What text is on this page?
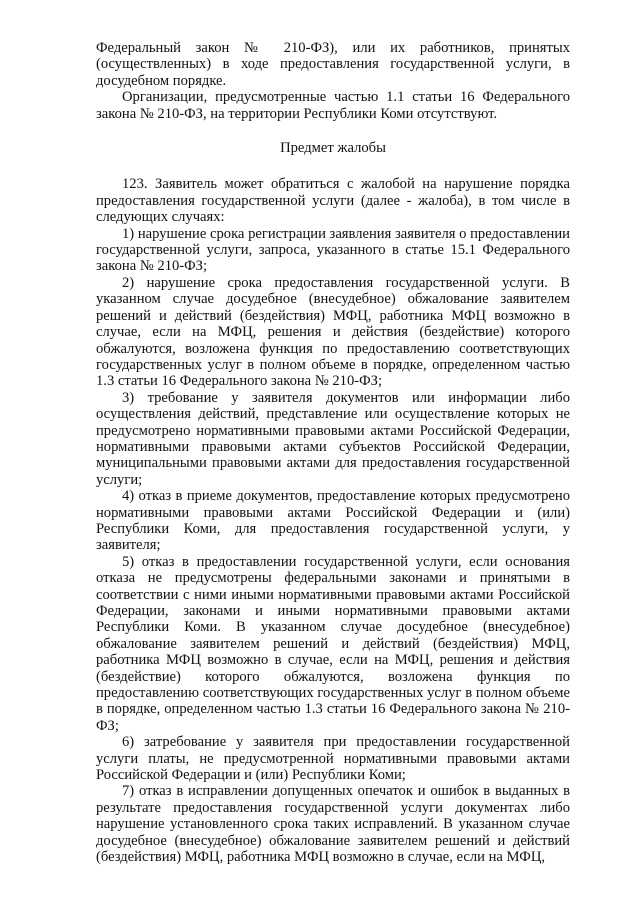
Федеральный закон № 210-ФЗ), или их работников, принятых (осуществленных) в ходе предоставления государственной услуги, в досудебном порядке.

Организации, предусмотренные частью 1.1 статьи 16 Федерального закона № 210-ФЗ, на территории Республики Коми отсутствуют.

Предмет жалобы

123. Заявитель может обратиться с жалобой на нарушение порядка предоставления государственной услуги (далее - жалоба), в том числе в следующих случаях:

1) нарушение срока регистрации заявления заявителя о предоставлении государственной услуги, запроса, указанного в статье 15.1 Федерального закона № 210-ФЗ;

2) нарушение срока предоставления государственной услуги. В указанном случае досудебное (внесудебное) обжалование заявителем решений и действий (бездействия) МФЦ, работника МФЦ возможно в случае, если на МФЦ, решения и действия (бездействие) которого обжалуются, возложена функция по предоставлению соответствующих государственных услуг в полном объеме в порядке, определенном частью 1.3 статьи 16 Федерального закона № 210-ФЗ;

3) требование у заявителя документов или информации либо осуществления действий, представление или осуществление которых не предусмотрено нормативными правовыми актами Российской Федерации, нормативными правовыми актами субъектов Российской Федерации, муниципальными правовыми актами для предоставления государственной услуги;

4) отказ в приеме документов, предоставление которых предусмотрено нормативными правовыми актами Российской Федерации и (или) Республики Коми, для предоставления государственной услуги, у заявителя;

5) отказ в предоставлении государственной услуги, если основания отказа не предусмотрены федеральными законами и принятыми в соответствии с ними иными нормативными правовыми актами Российской Федерации, законами и иными нормативными правовыми актами Республики Коми. В указанном случае досудебное (внесудебное) обжалование заявителем решений и действий (бездействия) МФЦ, работника МФЦ возможно в случае, если на МФЦ, решения и действия (бездействие) которого обжалуются, возложена функция по предоставлению соответствующих государственных услуг в полном объеме в порядке, определенном частью 1.3 статьи 16 Федерального закона № 210-ФЗ;

6) затребование у заявителя при предоставлении государственной услуги платы, не предусмотренной нормативными правовыми актами Российской Федерации и (или) Республики Коми;

7) отказ в исправлении допущенных опечаток и ошибок в выданных в результате предоставления государственной услуги документах либо нарушение установленного срока таких исправлений. В указанном случае досудебное (внесудебное) обжалование заявителем решений и действий (бездействия) МФЦ, работника МФЦ возможно в случае, если на МФЦ,
